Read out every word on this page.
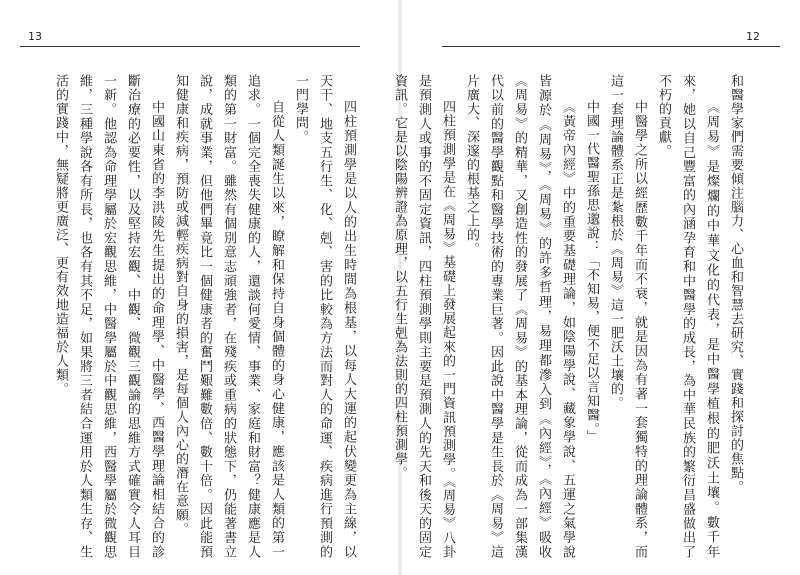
13

四柱預測學是以人的出生時間為根基，以每人大運的起伏變更為主線，以天干、地支五行生、化、剋、害的比較為方法而對人的命運、疾病進行預測的一門學問。

自從人類誕生以來，瞭解和保持自身個體的身心健康，應該是人類的第一追求。一個完全喪失健康的人，還談何愛情、事業、家庭和財富？健康應是人類的第一財富。雖然有個別意志頑強者，在殘疾或重病的狀態下，仍能著書立說，成就事業，但他們畢竟比一個健康者的奮鬥艱難數倍、數十倍。因此能預知健康和疾病，預防或減輕疾病對自身的損害，是每個人內心的潛在意願。

中國山東省的李洪陵先生提出的命理學、中醫學、西醫學理論相結合的診斷治療的必要性，以及堅持宏觀、中觀、微觀三觀論的思維方式確實令人耳目一新。他認為命理學屬於宏觀思維，中醫學屬於中觀思維，西醫學屬於微觀思維，三種學說各有所長，也各有其不足，如果將三者結合運用於人類生存、生活的實踐中，無疑將更廣泛、更有效地造福於人類。

12

和醫學家們需要傾注腦力、心血和智慧去研究、實踐和探討的焦點。

《周易》是燦爛的中華文化的代表，是中醫學植根的肥沃土壤。數千年來，她以自己豐富的內涵孕育和中醫學的成長，為中華民族的繁衍昌盛做出了不朽的貢獻。

中醫學之所以經歷數千年而不衰，就是因為有著一套獨特的理論體系，而這一套理論體系正是紮根於《周易》這一肥沃土壤的。

中國一代醫聖孫思邈說：「不知易，便不足以言知醫。」

《黃帝內經》中的重要基礎理論，如陰陽學說、藏象學說、五運之氣學說皆源於《周易》，《周易》的許多哲理，易理都滲入到《內經》，《內經》吸收《周易》的精華，又創造性的發展了《周易》的基本理論，從而成為一部集漢代以前的醫學觀點和醫學技術的專業巨著。因此說中醫學是生長於《周易》這片廣大、深邃的根基之上的。

四柱預測學是在《周易》基礎上發展起來的一門資訊預測學。《周易》八卦是預測人或事的不固定資訊，四柱預測學則主要是預測人的先天和後天的固定資訊。它是以陰陽辨證為原理，以五行生剋為法則的四柱預測學。
